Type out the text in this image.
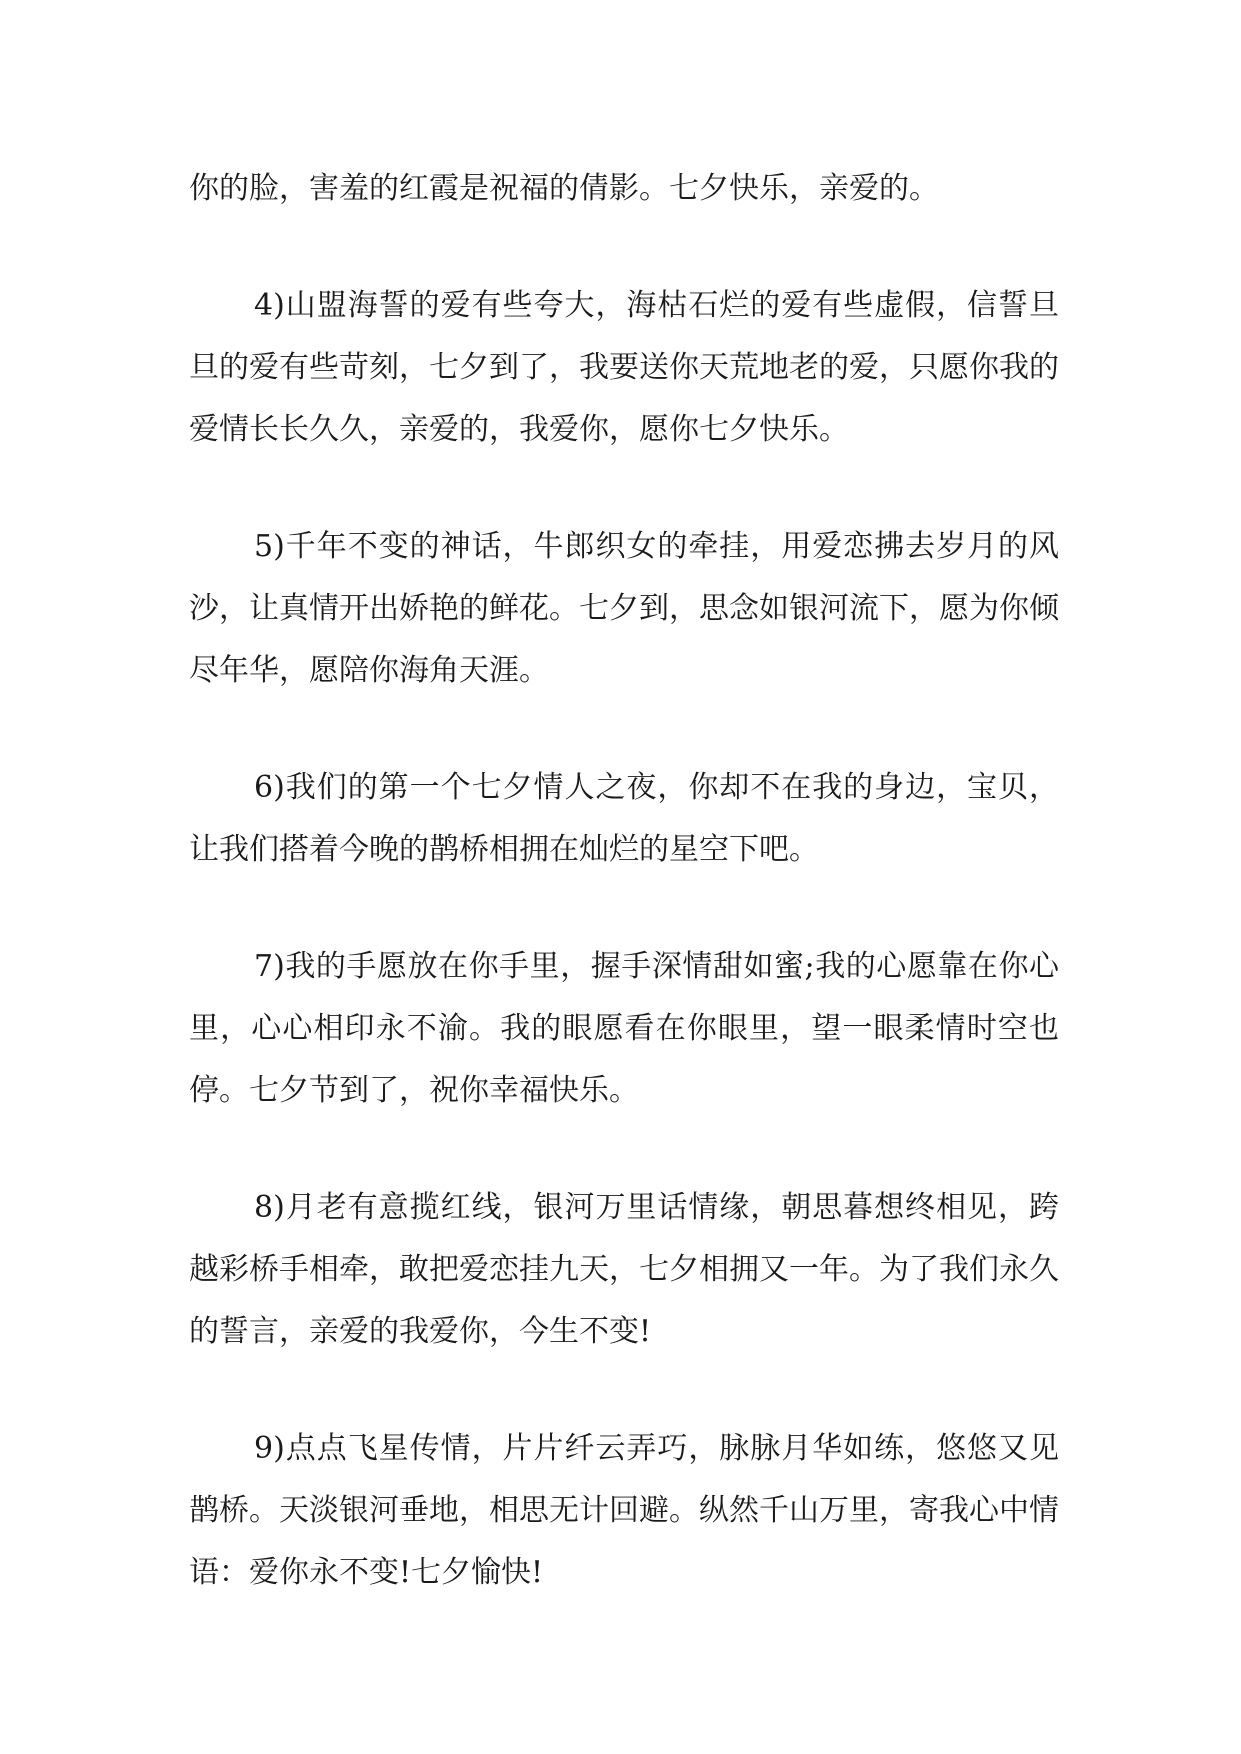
你的脸，害羞的红霞是祝福的倩影。七夕快乐，亲爱的。

4)山盟海誓的爱有些夸大，海枯石烂的爱有些虚假，信誓旦旦的爱有些苛刻，七夕到了，我要送你天荒地老的爱，只愿你我的爱情长长久久，亲爱的，我爱你，愿你七夕快乐。

5)千年不变的神话，牛郎织女的牵挂，用爱恋拂去岁月的风沙，让真情开出娇艳的鲜花。七夕到，思念如银河流下，愿为你倾尽年华，愿陪你海角天涯。

6)我们的第一个七夕情人之夜，你却不在我的身边，宝贝，让我们搭着今晚的鹊桥相拥在灿烂的星空下吧。

7)我的手愿放在你手里，握手深情甜如蜜;我的心愿靠在你心里，心心相印永不渝。我的眼愿看在你眼里，望一眼柔情时空也停。七夕节到了，祝你幸福快乐。

8)月老有意揽红线，银河万里话情缘，朝思暮想终相见，跨越彩桥手相牵，敢把爱恋挂九天，七夕相拥又一年。为了我们永久的誓言，亲爱的我爱你，今生不变!

9)点点飞星传情，片片纤云弄巧，脉脉月华如练，悠悠又见鹊桥。天淡银河垂地，相思无计回避。纵然千山万里，寄我心中情语：爱你永不变!七夕愉快!
